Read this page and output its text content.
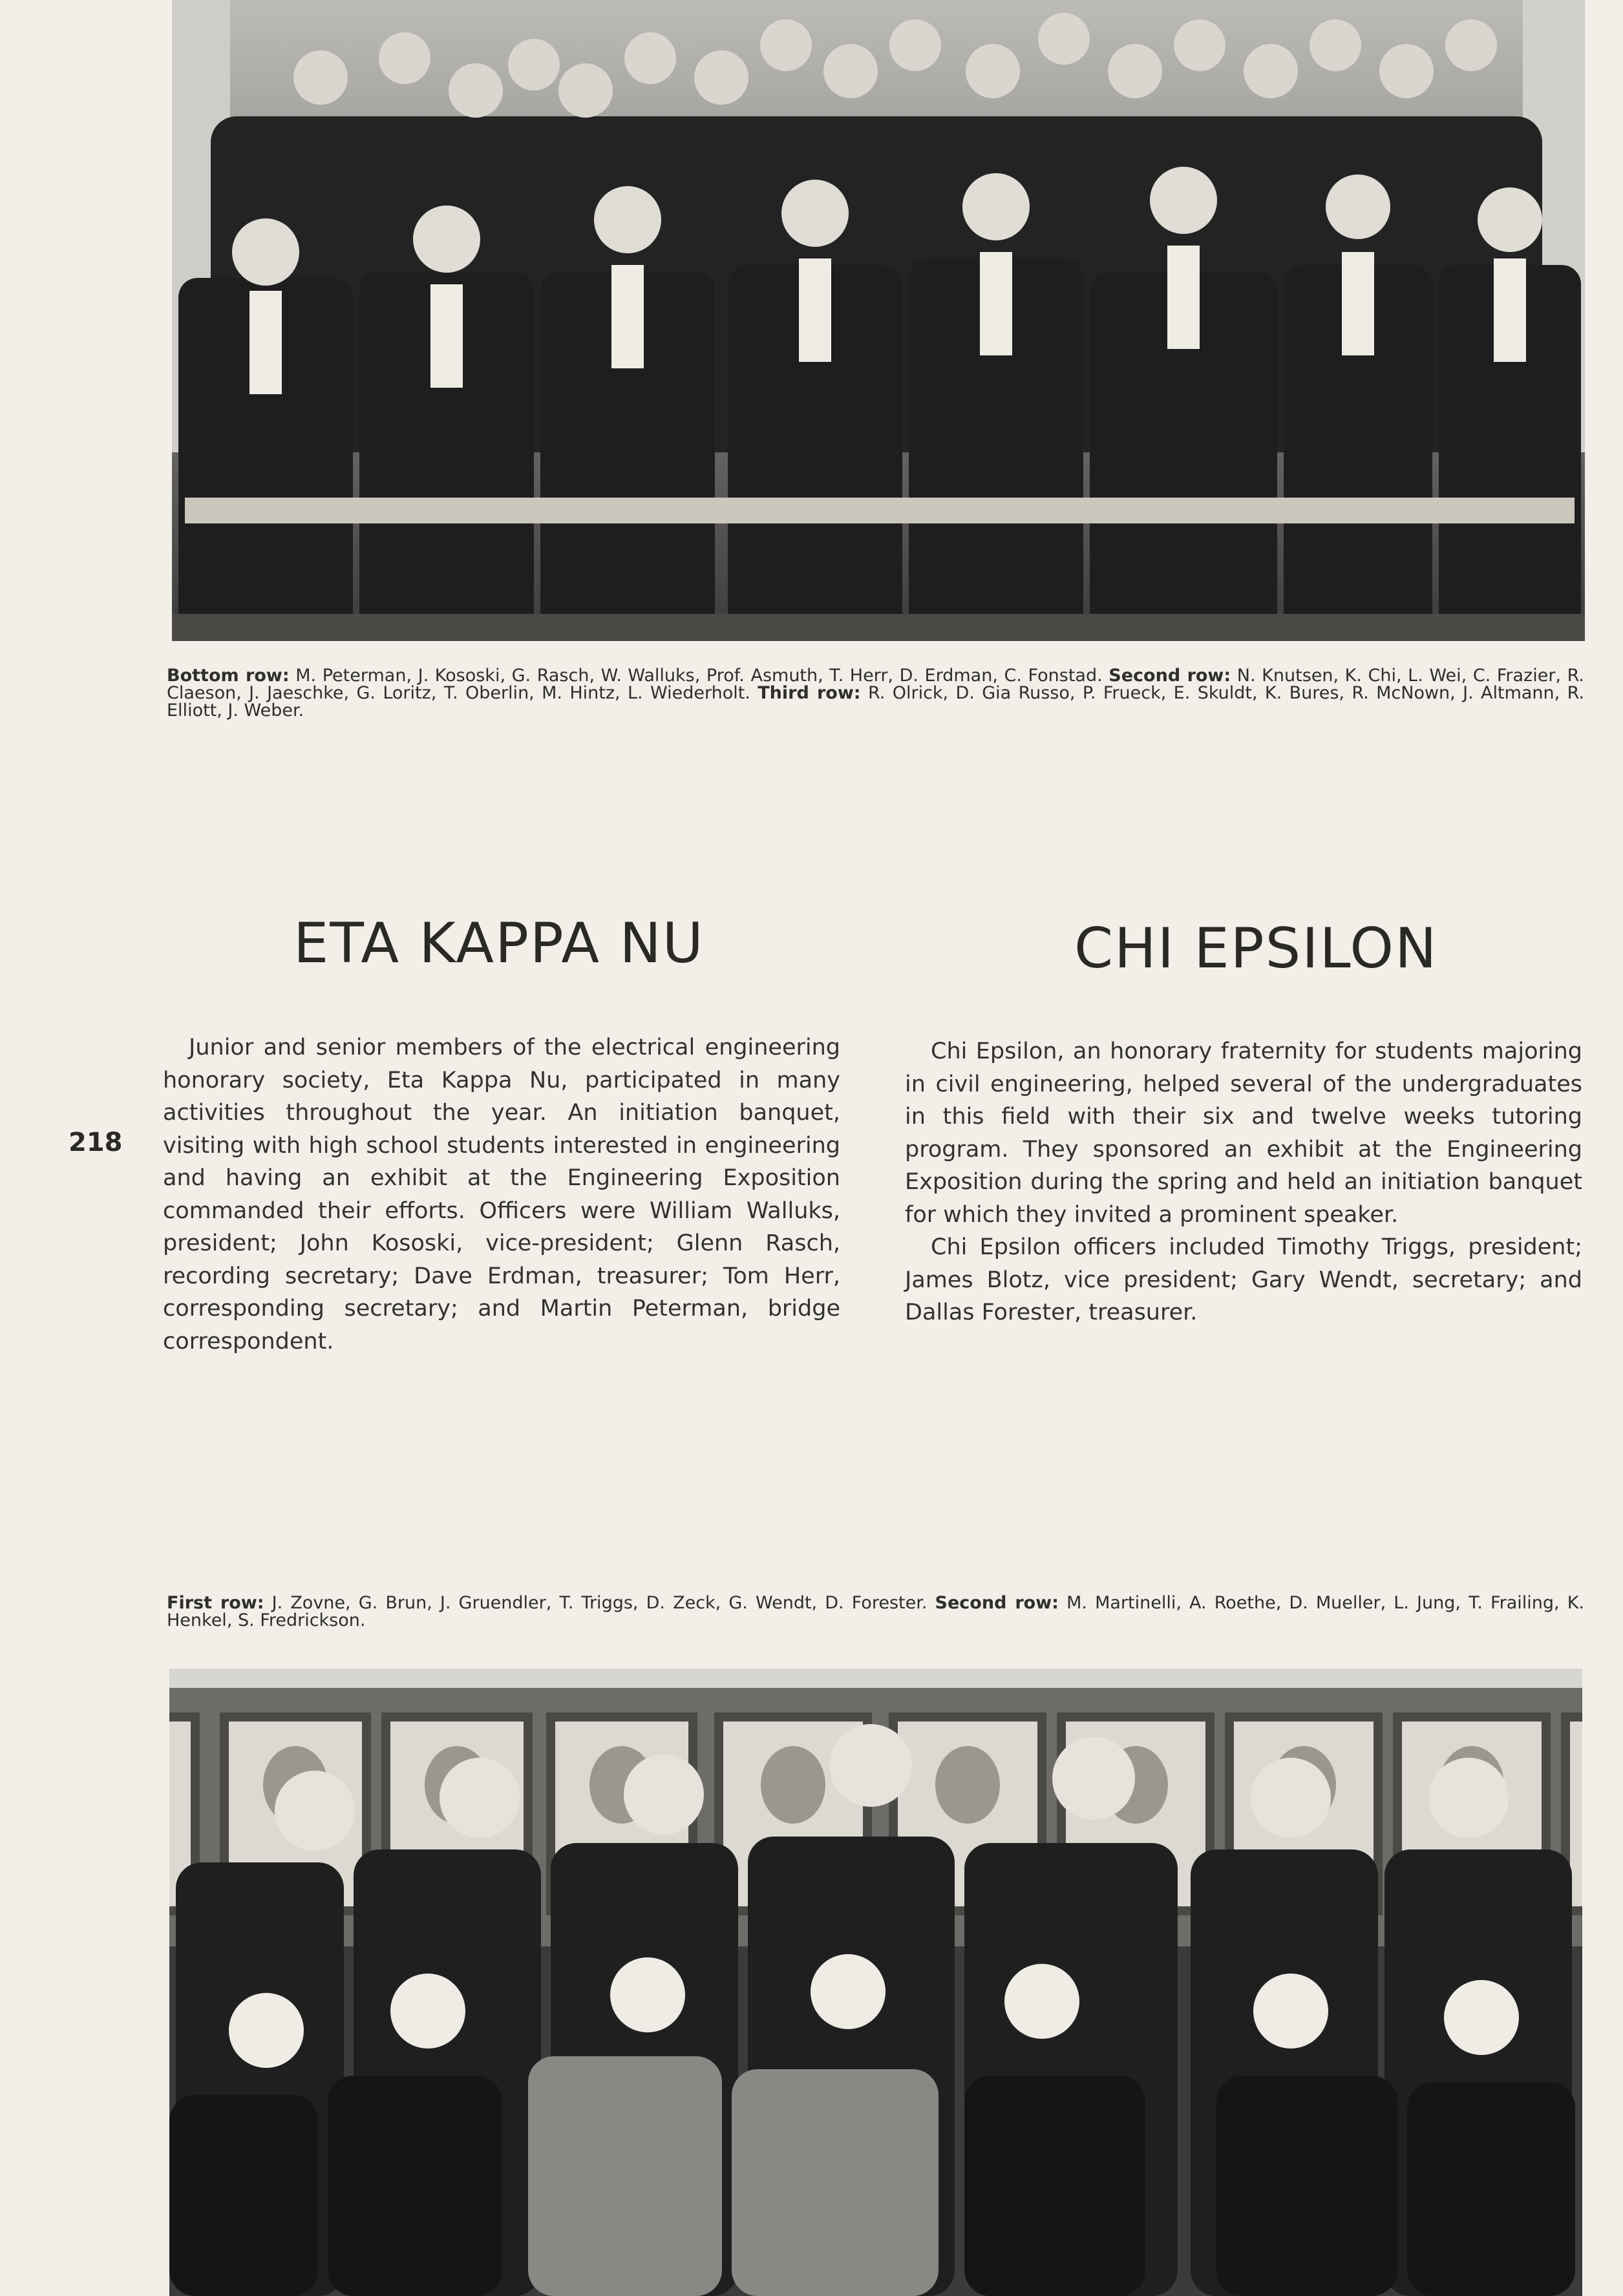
Bottom row: M. Peterman, J. Kososki, G. Rasch, W. Walluks, Prof. Asmuth, T. Herr, D. Erdman, C. Fonstad. Second row: N. Knutsen, K. Chi, L. Wei, C. Frazier, R. Claeson, J. Jaeschke, G. Loritz, T. Oberlin, M. Hintz, L. Wiederholt. Third row: R. Olrick, D. Gia Russo, P. Frueck, E. Skuldt, K. Bures, R. McNown, J. Altmann, R. Elliott, J. Weber.
ETA KAPPA NU	CHI EPSILON
218

Junior and senior members of the electrical engineering honorary society, Eta Kappa Nu, participated in many activities throughout the year. An initiation banquet, visiting with high school students interested in engineering and having an exhibit at the Engineering Exposition commanded their efforts. Officers were William Walluks, president; John Kososki, vice-president; Glenn Rasch, recording secretary; Dave Erdman, treasurer; Tom Herr, corresponding secretary; and Martin Peterman, bridge correspondent.

Chi Epsilon, an honorary fraternity for students majoring in civil engineering, helped several of the undergraduates in this field with their six and twelve weeks tutoring program. They sponsored an exhibit at the Engineering Exposition during the spring and held an initiation banquet for which they invited a prominent speaker.

Chi Epsilon officers included Timothy Triggs, president; James Blotz, vice president; Gary Wendt, secretary; and Dallas Forester, treasurer.

First row: J. Zovne, G. Brun, J. Gruendler, T. Triggs, D. Zeck, G. Wendt, D. Forester. Second row: M. Martinelli, A. Roethe, D. Mueller, L. Jung, T. Frailing, K. Henkel, S. Fredrickson.
